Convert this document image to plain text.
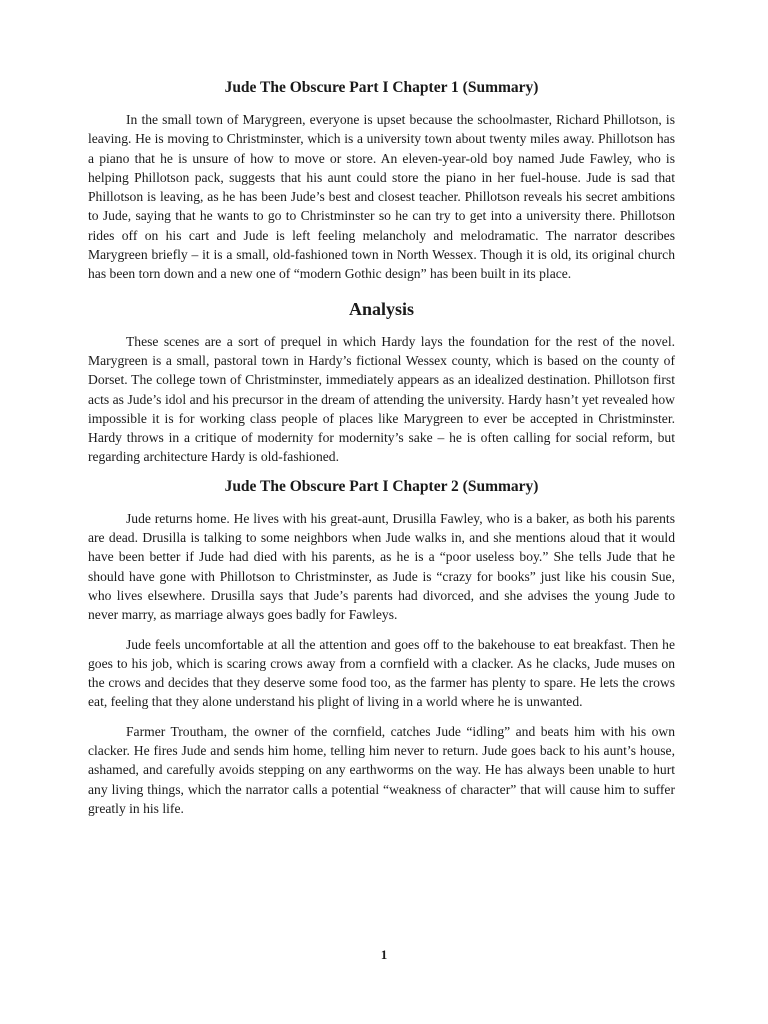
Jude The Obscure Part I Chapter 1 (Summary)

In the small town of Marygreen, everyone is upset because the schoolmaster, Richard Phillotson, is leaving. He is moving to Christminster, which is a university town about twenty miles away. Phillotson has a piano that he is unsure of how to move or store. An eleven-year-old boy named Jude Fawley, who is helping Phillotson pack, suggests that his aunt could store the piano in her fuel-house. Jude is sad that Phillotson is leaving, as he has been Jude’s best and closest teacher. Phillotson reveals his secret ambitions to Jude, saying that he wants to go to Christminster so he can try to get into a university there. Phillotson rides off on his cart and Jude is left feeling melancholy and melodramatic. The narrator describes Marygreen briefly – it is a small, old-fashioned town in North Wessex. Though it is old, its original church has been torn down and a new one of “modern Gothic design” has been built in its place.

Analysis

These scenes are a sort of prequel in which Hardy lays the foundation for the rest of the novel. Marygreen is a small, pastoral town in Hardy’s fictional Wessex county, which is based on the county of Dorset. The college town of Christminster, immediately appears as an idealized destination. Phillotson first acts as Jude’s idol and his precursor in the dream of attending the university. Hardy hasn’t yet revealed how impossible it is for working class people of places like Marygreen to ever be accepted in Christminster. Hardy throws in a critique of modernity for modernity’s sake – he is often calling for social reform, but regarding architecture Hardy is old-fashioned.

Jude The Obscure Part I Chapter 2 (Summary)

Jude returns home. He lives with his great-aunt, Drusilla Fawley, who is a baker, as both his parents are dead. Drusilla is talking to some neighbors when Jude walks in, and she mentions aloud that it would have been better if Jude had died with his parents, as he is a “poor useless boy.” She tells Jude that he should have gone with Phillotson to Christminster, as Jude is “crazy for books” just like his cousin Sue, who lives elsewhere. Drusilla says that Jude’s parents had divorced, and she advises the young Jude to never marry, as marriage always goes badly for Fawleys.

Jude feels uncomfortable at all the attention and goes off to the bakehouse to eat breakfast. Then he goes to his job, which is scaring crows away from a cornfield with a clacker. As he clacks, Jude muses on the crows and decides that they deserve some food too, as the farmer has plenty to spare. He lets the crows eat, feeling that they alone understand his plight of living in a world where he is unwanted.

Farmer Troutham, the owner of the cornfield, catches Jude “idling” and beats him with his own clacker. He fires Jude and sends him home, telling him never to return. Jude goes back to his aunt’s house, ashamed, and carefully avoids stepping on any earthworms on the way. He has always been unable to hurt any living things, which the narrator calls a potential “weakness of character” that will cause him to suffer greatly in his life.

1
